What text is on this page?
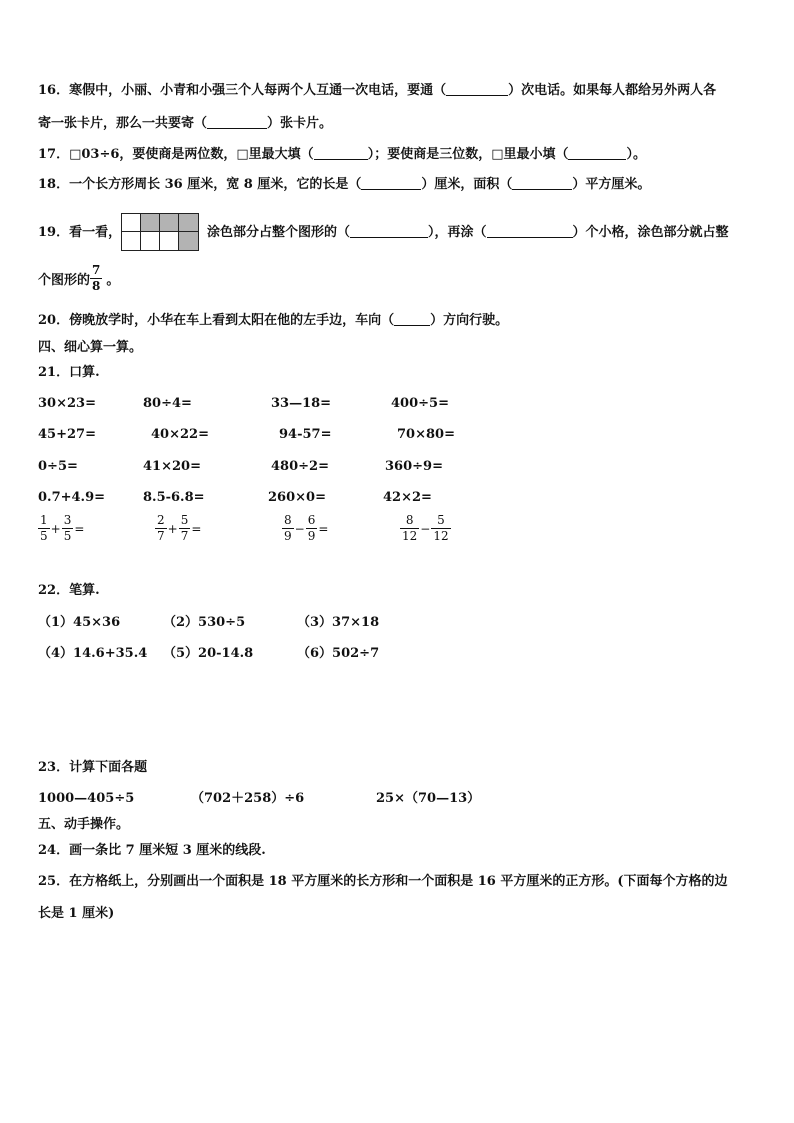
16．寒假中，小丽、小青和小强三个人每两个人互通一次电话，要通（	）次电话。如果每人都给另外两人各
寄一张卡片，那么一共要寄（	）张卡片。
17．□03÷6，要使商是两位数，□里最大填（	）；要使商是三位数，□里最小填（	）。
18．一个长方形周长 36 厘米，宽 8 厘米，它的长是（	）厘米，面积（	）平方厘米。
19．看一看，	涂色部分占整个图形的（	），再涂（	）个小格，涂色部分就占整
个图形的 $\frac{7}{8}$ 。
20．傍晚放学时，小华在车上看到太阳在他的左手边，车向（	）方向行驶。
四、细心算一算。
21．口算.
30×23=	80÷4=	33—18=	400÷5=
45+27=	40×22=	94-57=	70×80=
0÷5=	41×20=	480÷2=	360÷9=
0.7+4.9=	8.5-6.8=	260×0=	42×2=
$\frac{1}{5} + \frac{3}{5}$ =	$\frac{2}{7} + \frac{5}{7}$ =	$\frac{8}{9} - \frac{6}{9}$ =	$\frac{8}{12} - \frac{5}{12}$
22．笔算.
（1）45×36	（2）530÷5	（3）37×18
（4）14.6+35.4 （5）20-14.8	（6）502÷7
23．计算下面各题
1000—405÷5	（702＋258）÷6	25×（70—13）
五、动手操作。
24．画一条比 7 厘米短 3 厘米的线段.
25．在方格纸上，分别画出一个面积是 18 平方厘米的长方形和一个面积是 16 平方厘米的正方形。(下面每个方格的边
长是 1 厘米)
